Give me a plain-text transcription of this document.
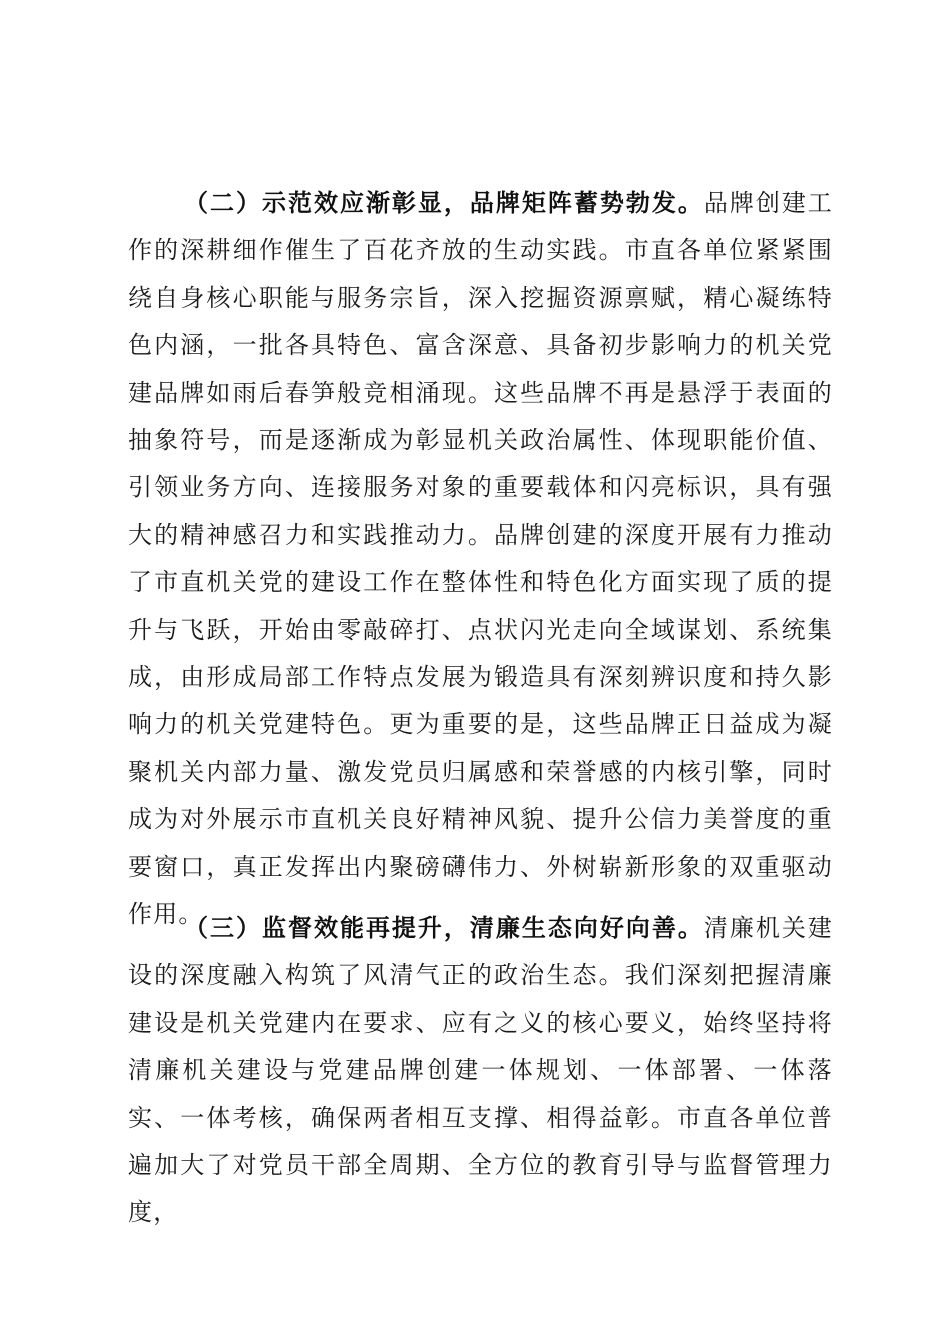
（二）示范效应渐彰显，品牌矩阵蓄势勃发。品牌创建工作的深耕细作催生了百花齐放的生动实践。市直各单位紧紧围绕自身核心职能与服务宗旨，深入挖掘资源禀赋，精心凝练特色内涵，一批各具特色、富含深意、具备初步影响力的机关党建品牌如雨后春笋般竞相涌现。这些品牌不再是悬浮于表面的抽象符号，而是逐渐成为彰显机关政治属性、体现职能价值、引领业务方向、连接服务对象的重要载体和闪亮标识，具有强大的精神感召力和实践推动力。品牌创建的深度开展有力推动了市直机关党的建设工作在整体性和特色化方面实现了质的提升与飞跃，开始由零敲碎打、点状闪光走向全域谋划、系统集成，由形成局部工作特点发展为锻造具有深刻辨识度和持久影响力的机关党建特色。更为重要的是，这些品牌正日益成为凝聚机关内部力量、激发党员归属感和荣誉感的内核引擎，同时成为对外展示市直机关良好精神风貌、提升公信力美誉度的重要窗口，真正发挥出内聚磅礴伟力、外树崭新形象的双重驱动作用。

（三）监督效能再提升，清廉生态向好向善。清廉机关建设的深度融入构筑了风清气正的政治生态。我们深刻把握清廉建设是机关党建内在要求、应有之义的核心要义，始终坚持将清廉机关建设与党建品牌创建一体规划、一体部署、一体落实、一体考核，确保两者相互支撑、相得益彰。市直各单位普遍加大了对党员干部全周期、全方位的教育引导与监督管理力度，
